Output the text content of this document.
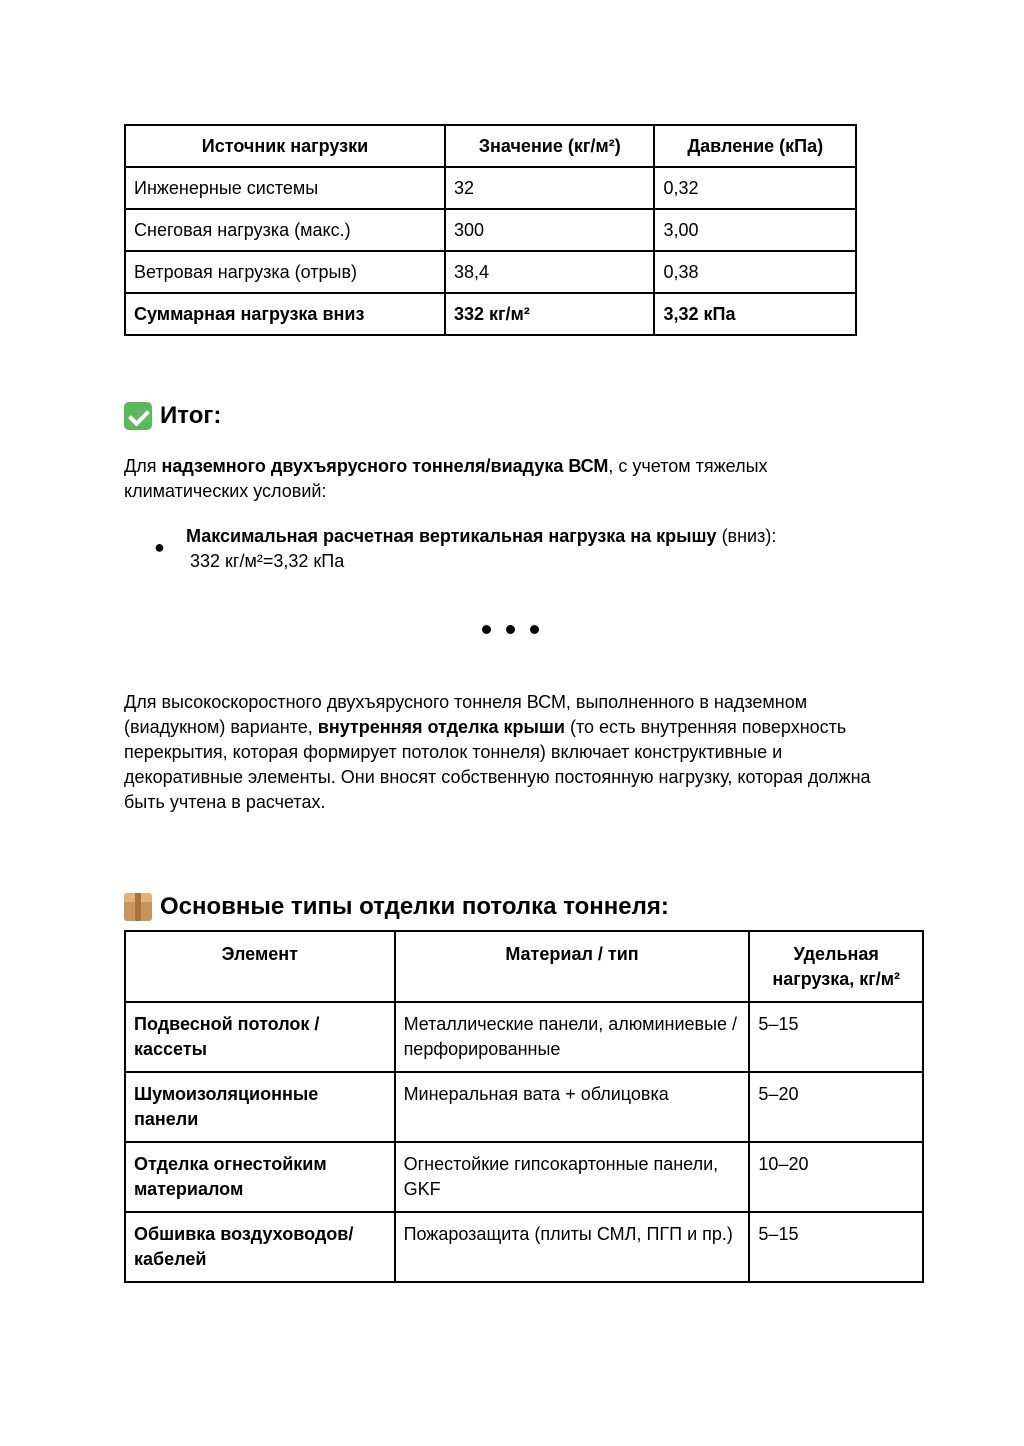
Источник нагрузки	Значение (кг/м²)	Давление (кПа)
Инженерные системы	32	0,32
Снеговая нагрузка (макс.)	300	3,00
Ветровая нагрузка (отрыв)	38,4	0,38
Суммарная нагрузка вниз	332 кг/м²	3,32 кПа
Итог:

Для надземного двухъярусного тоннеля/виадука ВСМ, с учетом тяжелых климатических условий:

●
Максимальная расчетная вертикальная нагрузка на крышу (вниз):
332 кг/м²=3,32 кПа

Для высокоскоростного двухъярусного тоннеля ВСМ, выполненного в надземном (виадукном) варианте, внутренняя отделка крыши (то есть внутренняя поверхность перекрытия, которая формирует потолок тоннеля) включает конструктивные и декоративные элементы. Они вносят собственную постоянную нагрузку, которая должна быть учтена в расчетах.

Основные типы отделки потолка тоннеля:
Элемент	Материал / тип	Удельная нагрузка, кг/м²
Подвесной потолок / кассеты	Металлические панели, алюминиевые / перфорированные	5–15
Шумоизоляционные панели	Минеральная вата + облицовка	5–20
Отделка огнестойким материалом	Огнестойкие гипсокартонные панели, GKF	10–20
Обшивка воздуховодов/кабелей	Пожарозащита (плиты СМЛ, ПГП и пр.)	5–15
